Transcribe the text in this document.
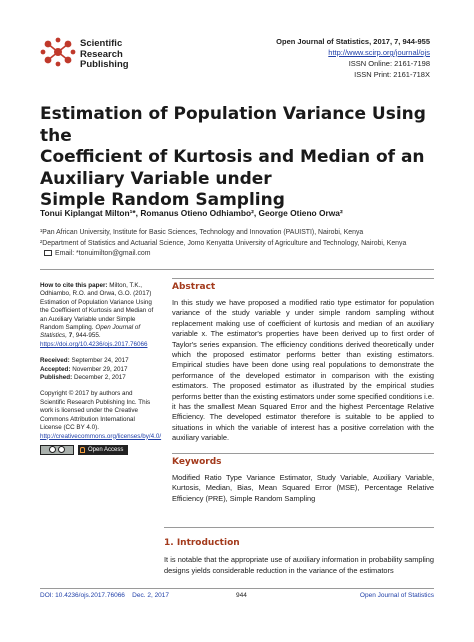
Scientific
Research
Publishing
Open Journal of Statistics, 2017, 7, 944-955
http://www.scirp.org/journal/ojs
ISSN Online: 2161-7198
ISSN Print: 2161-718X
Estimation of Population Variance Using the
Coefficient of Kurtosis and Median of an
Auxiliary Variable under
Simple Random Sampling
Tonui Kiplangat Milton¹*, Romanus Otieno Odhiambo², George Otieno Orwa²
¹Pan African University, Institute for Basic Sciences, Technology and Innovation (PAUISTI), Nairobi, Kenya
²Department of Statistics and Actuarial Science, Jomo Kenyatta University of Agriculture and Technology, Nairobi, Kenya
Email: *tonuimilton@gmail.com
How to cite this paper: Milton, T.K., Odhiambo, R.O. and Orwa, G.O. (2017) Estimation of Population Variance Using the Coefficient of Kurtosis and Median of an Auxiliary Variable under Simple Random Sampling. Open Journal of Statistics, 7, 944-955.
https://doi.org/10.4236/ojs.2017.76066
Received: September 24, 2017
Accepted: November 29, 2017
Published: December 2, 2017
Copyright © 2017 by authors and Scientific Research Publishing Inc. This work is licensed under the Creative Commons Attribution International License (CC BY 4.0).
http://creativecommons.org/licenses/by/4.0/
Open Access
Abstract
In this study we have proposed a modified ratio type estimator for population variance of the study variable y under simple random sampling without replacement making use of coefficient of kurtosis and median of an auxiliary variable x. The estimator's properties have been derived up to first order of Taylor's series expansion. The efficiency conditions derived theoretically under which the proposed estimator performs better than existing estimators. Empirical studies have been done using real populations to demonstrate the performance of the developed estimator in comparison with the existing estimators. The proposed estimator as illustrated by the empirical studies performs better than the existing estimators under some specified conditions i.e. it has the smallest Mean Squared Error and the highest Percentage Relative Efficiency. The developed estimator therefore is suitable to be applied to situations in which the variable of interest has a positive correlation with the auxiliary variable.
Keywords
Modified Ratio Type Variance Estimator, Study Variable, Auxiliary Variable, Kurtosis, Median, Bias, Mean Squared Error (MSE), Percentage Relative Efficiency (PRE), Simple Random Sampling
1. Introduction
It is notable that the appropriate use of auxiliary information in probability sampling designs yields considerable reduction in the variance of the estimators
DOI: 10.4236/ojs.2017.76066 Dec. 2, 2017	944	Open Journal of Statistics
